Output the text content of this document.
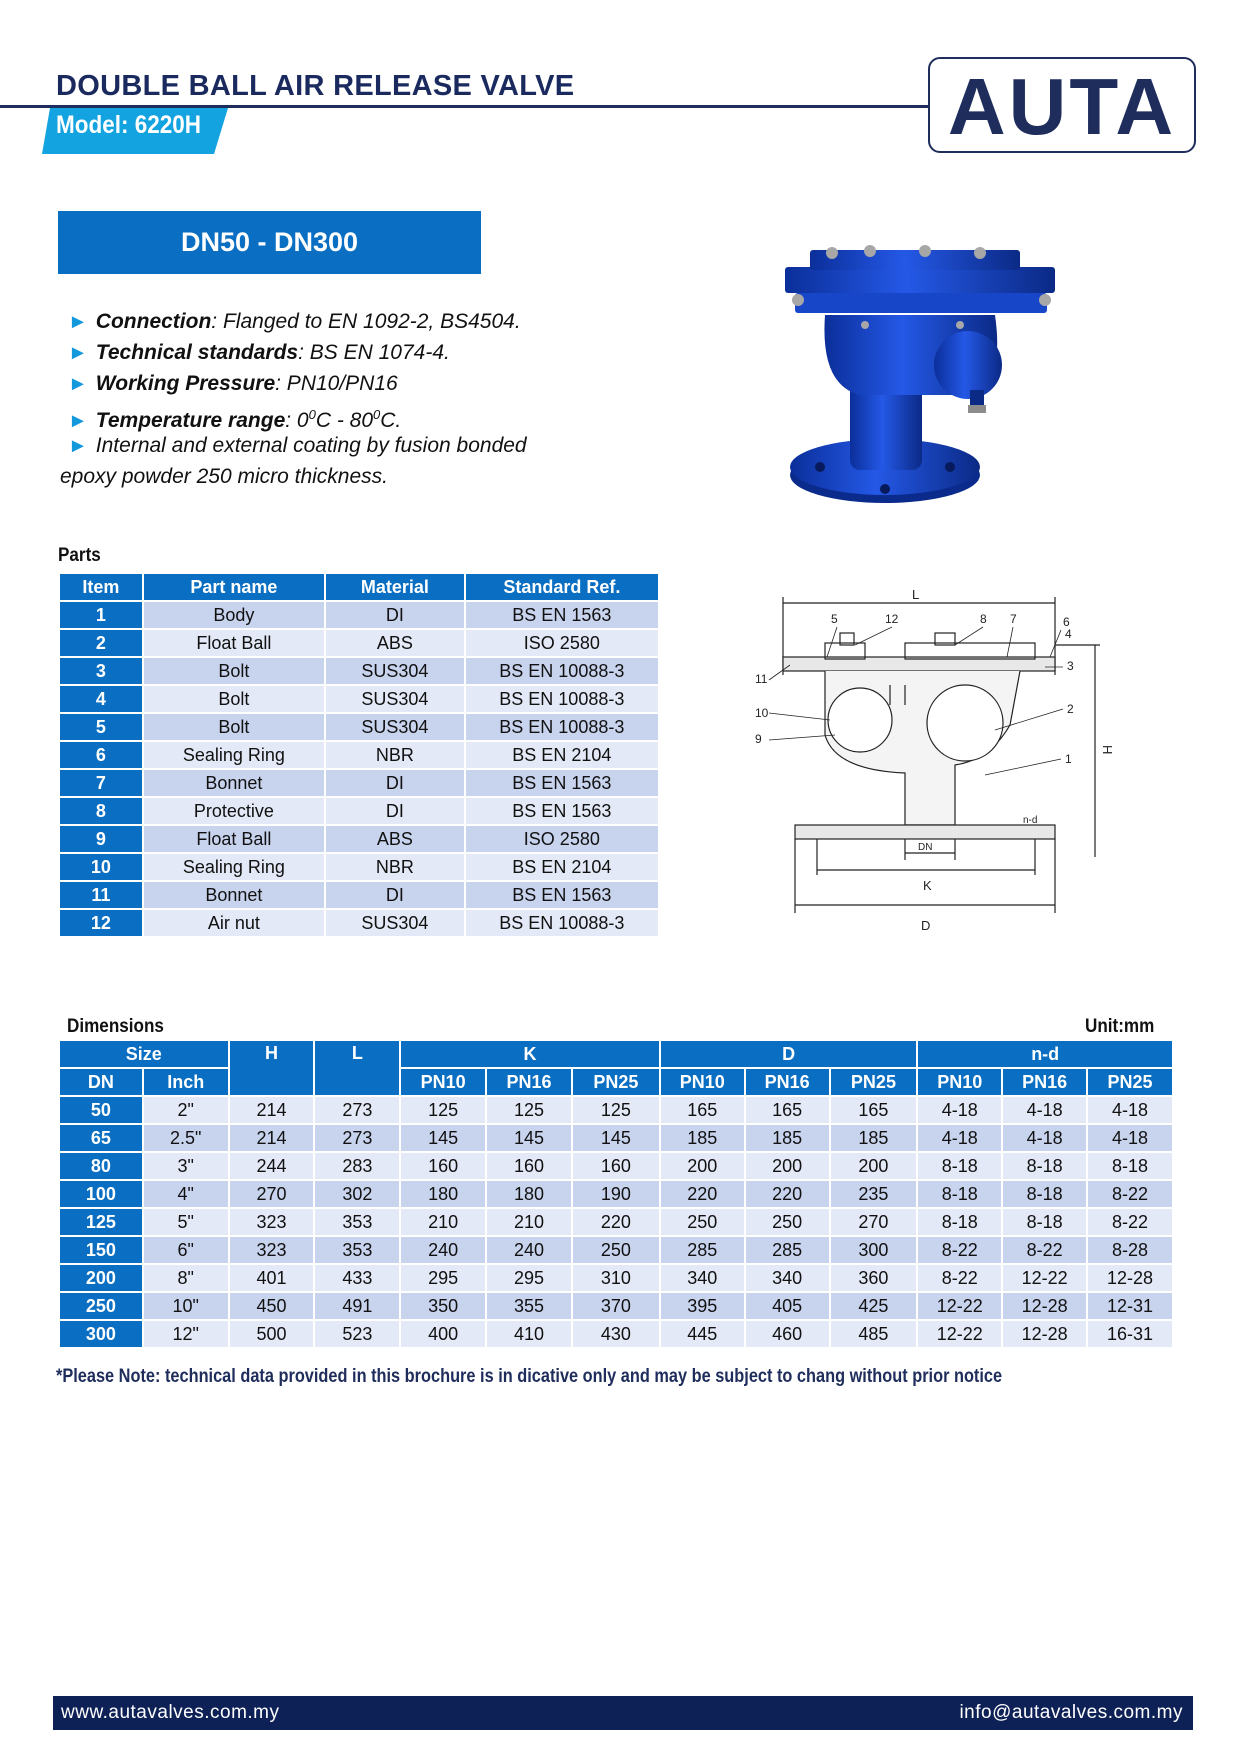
DOUBLE BALL AIR RELEASE VALVE
Model: 6220H	AUTA
DN50 - DN300
► Connection: Flanged to EN 1092-2, BS4504.
► Technical standards: BS EN 1074-4.
► Working Pressure: PN10/PN16
► Temperature range: $0^0C - 80^0C$.
► Internal and external coating by fusion bonded
epoxy powder 250 micro thickness.
Parts
Item	Part name	Material	Standard Ref.
1	Body	DI	BS EN 1563
2	Float Ball	ABS	ISO 2580
3	Bolt	SUS304	BS EN 10088-3
4	Bolt	SUS304	BS EN 10088-3
5	Bolt	SUS304	BS EN 10088-3
6	Sealing Ring	NBR	BS EN 2104
7	Bonnet	DI	BS EN 1563
8	Protective	DI	BS EN 1563
9	Float Ball	ABS	ISO 2580
10	Sealing Ring	NBR	BS EN 2104
11	Bonnet	DI	BS EN 1563
12	Air nut	SUS304	BS EN 10088-3
L
H
DN
n-d
K
D
1
2
3
4
5	6
7
8
9
10
11
12
Dimensions	Unit:mm
Size		H	L	K			D			n-d		
DN	Inch			PN10	PN16	PN25	PN10	PN16	PN25	PN10	PN16	PN25
50	2"	214	273	125	125	125	165	165	165	4-18	4-18	4-18
65	2.5"	214	273	145	145	145	185	185	185	4-18	4-18	4-18
80	3"	244	283	160	160	160	200	200	200	8-18	8-18	8-18
100	4"	270	302	180	180	190	220	220	235	8-18	8-18	8-22
125	5"	323	353	210	210	220	250	250	270	8-18	8-18	8-22
150	6"	323	353	240	240	250	285	285	300	8-22	8-22	8-28
200	8"	401	433	295	295	310	340	340	360	8-22	12-22	12-28
250	10"	450	491	350	355	370	395	405	425	12-22	12-28	12-31
300	12"	500	523	400	410	430	445	460	485	12-22	12-28	16-31
*Please Note: technical data provided in this brochure is in dicative only and may be subject to chang without prior notice
www.autavalves.com.my	info@autavalves.com.my
